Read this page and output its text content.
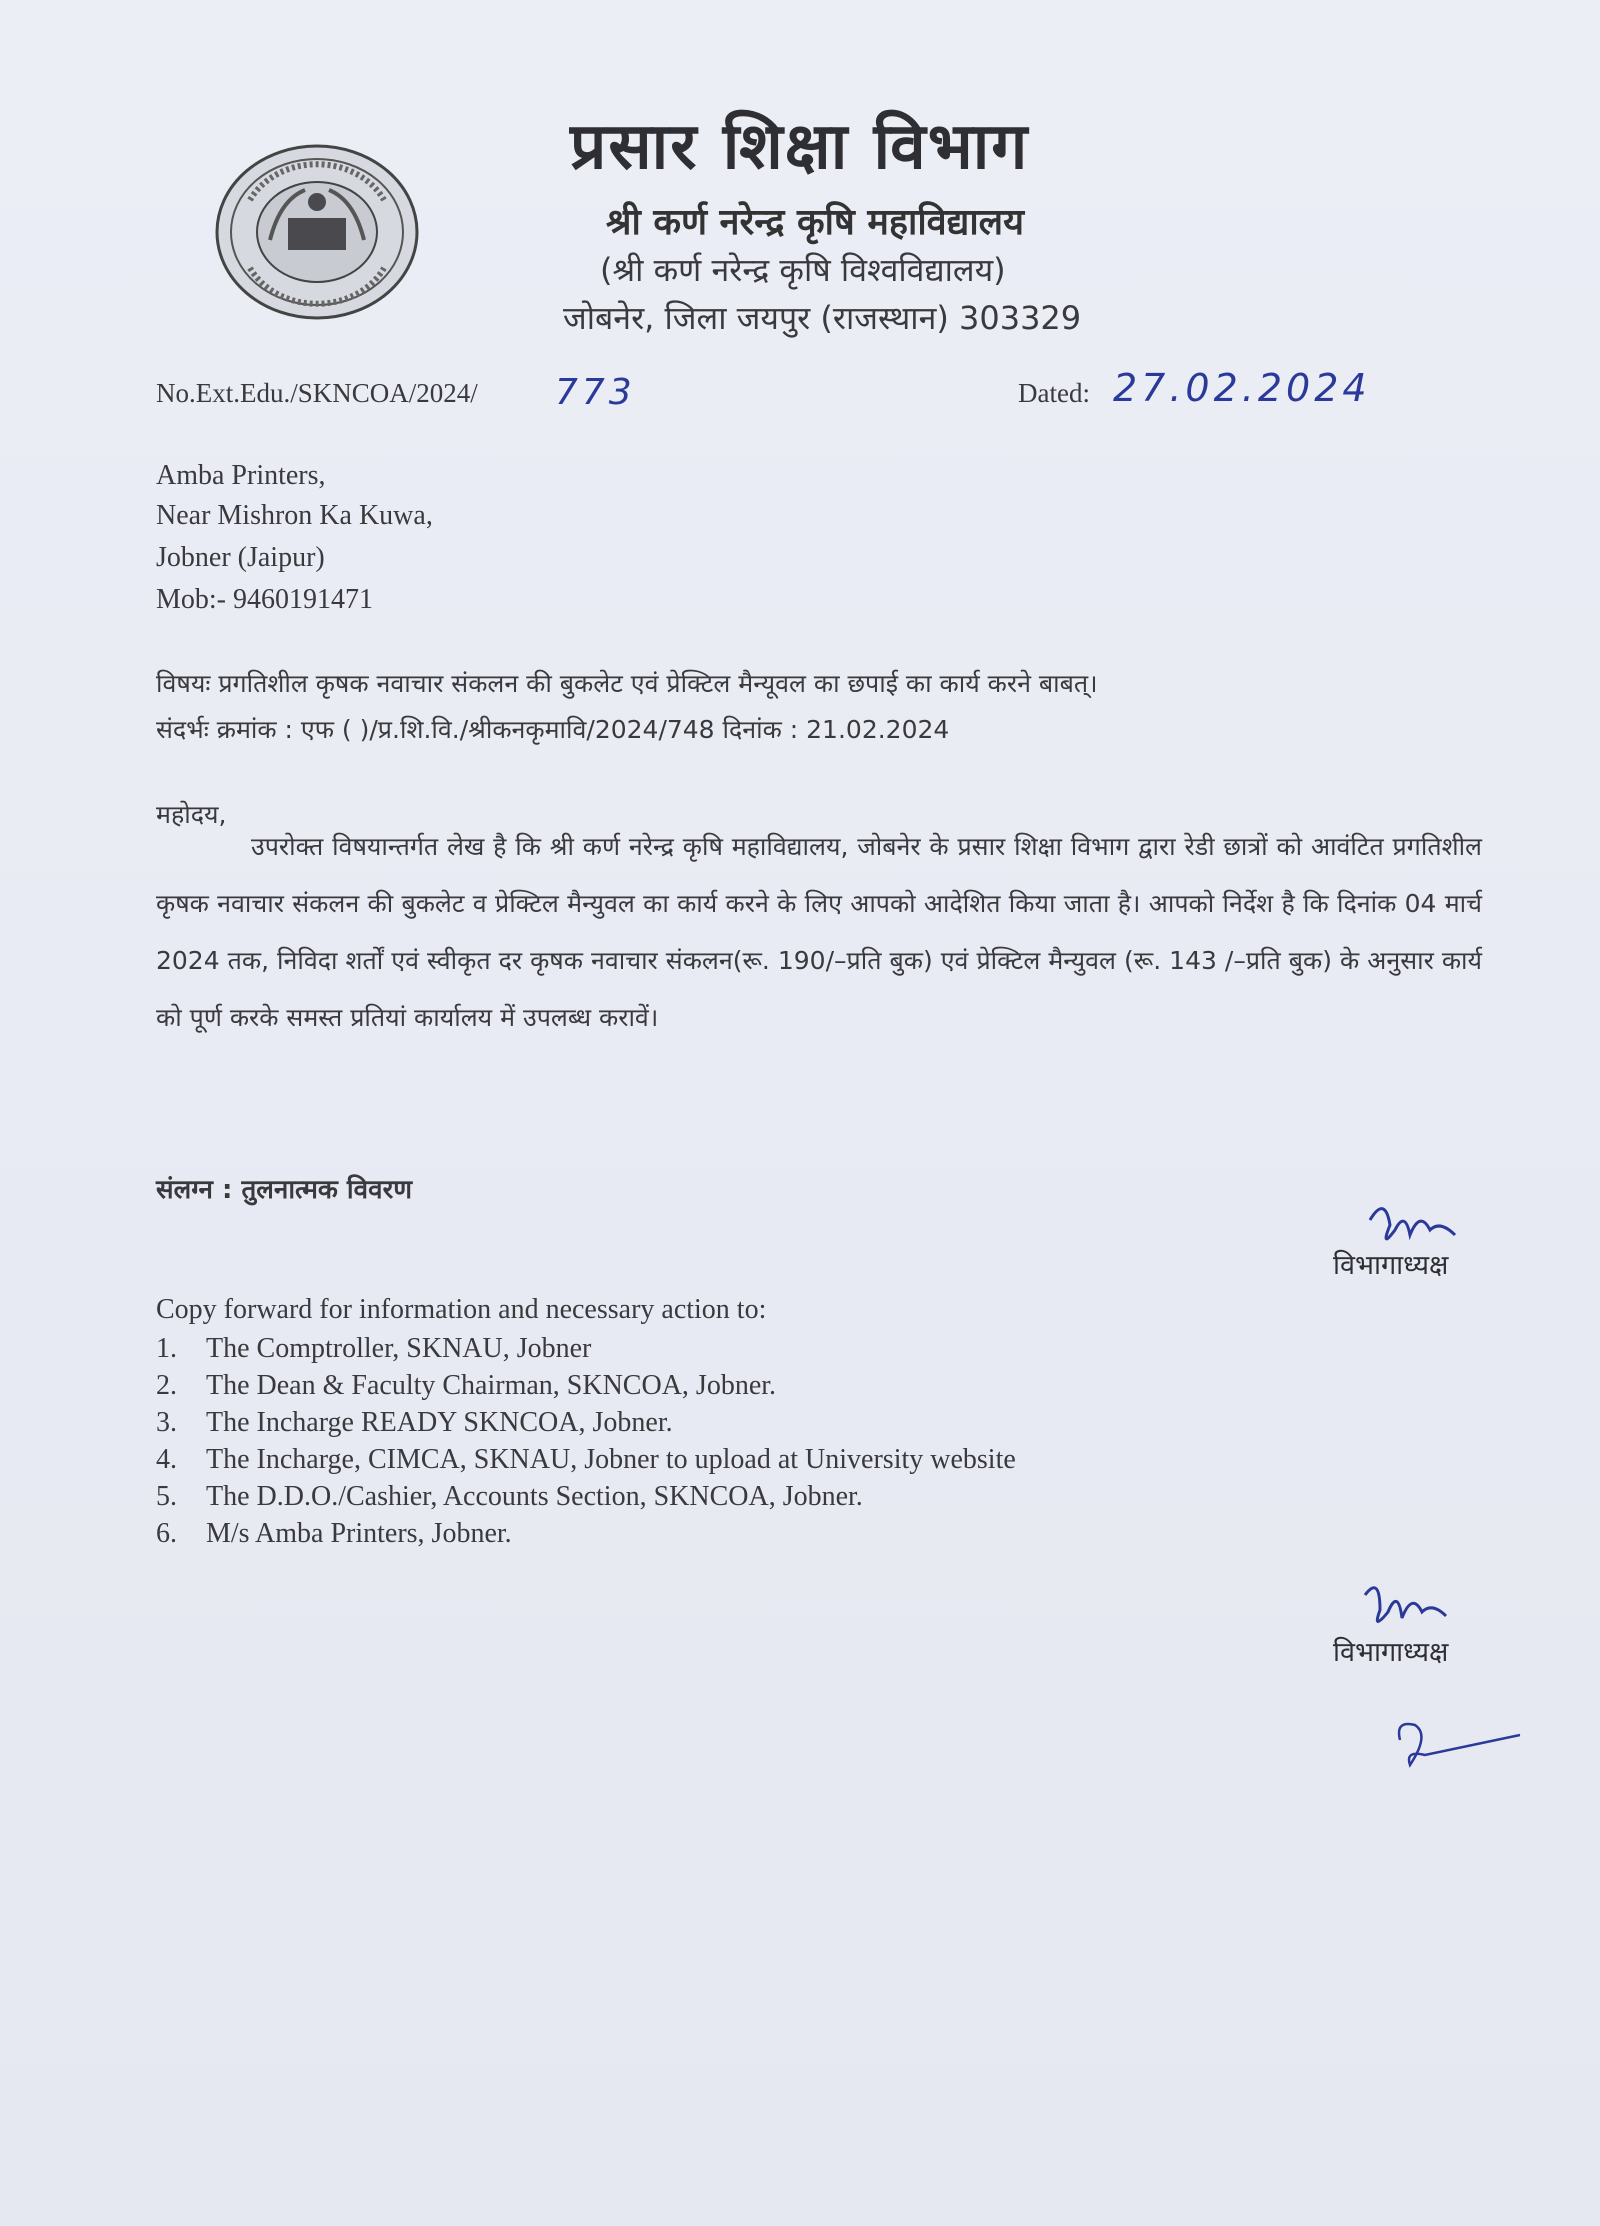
प्रसार शिक्षा विभाग
श्री कर्ण नरेन्द्र कृषि महाविद्यालय
(श्री कर्ण नरेन्द्र कृषि विश्वविद्यालय)
जोबनेर, जिला जयपुर (राजस्थान) 303329
No.Ext.Edu./SKNCOA/2024/ 773	Dated: 27.02.2024
Amba Printers,
Near Mishron Ka Kuwa,
Jobner (Jaipur)
Mob:- 9460191471
विषयः प्रगतिशील कृषक नवाचार संकलन की बुकलेट एवं प्रेक्टिल मैन्यूवल का छपाई का कार्य करने बाबत्।
संदर्भः क्रमांक : एफ ( )/प्र.शि.वि./श्रीकनकृमावि/2024/748 दिनांक : 21.02.2024
महोदय,
उपरोक्त विषयान्तर्गत लेख है कि श्री कर्ण नरेन्द्र कृषि महाविद्यालय, जोबनेर के प्रसार शिक्षा विभाग द्वारा रेडी छात्रों को आवंटित प्रगतिशील कृषक नवाचार संकलन की बुकलेट व प्रेक्टिल मैन्युवल का कार्य करने के लिए आपको आदेशित किया जाता है। आपको निर्देश है कि दिनांक 04 मार्च 2024 तक, निविदा शर्तों एवं स्वीकृत दर कृषक नवाचार संकलन(रू. 190/–प्रति बुक) एवं प्रेक्टिल मैन्युवल (रू. 143 /–प्रति बुक) के अनुसार कार्य को पूर्ण करके समस्त प्रतियां कार्यालय में उपलब्ध करावें।
संलग्न : तुलनात्मक विवरण
विभागाध्यक्ष
Copy forward for information and necessary action to:
1. The Comptroller, SKNAU, Jobner
2. The Dean & Faculty Chairman, SKNCOA, Jobner.
3. The Incharge READY SKNCOA, Jobner.
4. The Incharge, CIMCA, SKNAU, Jobner to upload at University website
5. The D.D.O./Cashier, Accounts Section, SKNCOA, Jobner.
6. M/s Amba Printers, Jobner.
विभागाध्यक्ष
